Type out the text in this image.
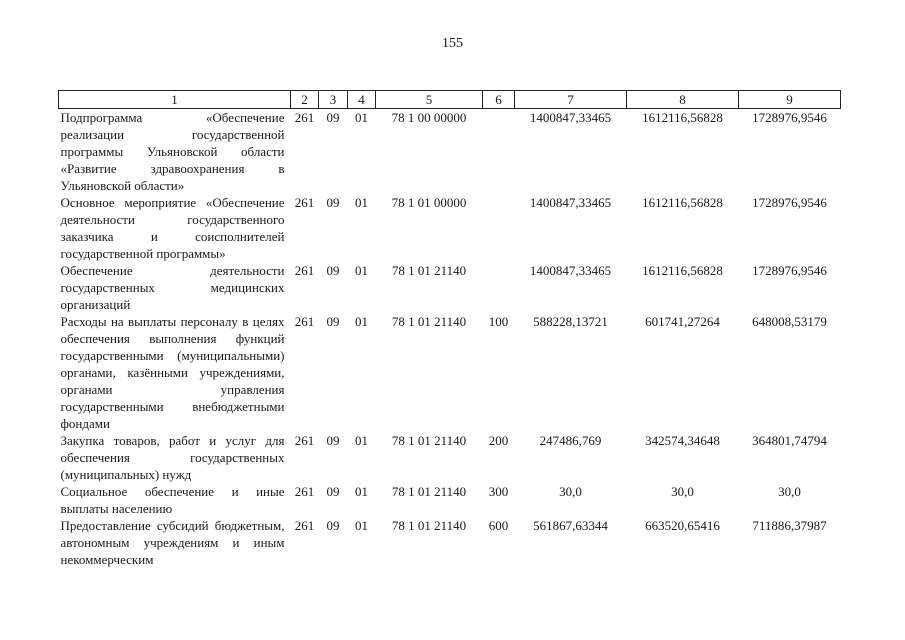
155
1	2	3	4	5	6	7	8	9
Подпрограмма «Обеспечение реализации государственной программы Ульяновской области «Развитие здравоохранения в Ульяновской области»	261	09	01	78 1 00 00000		1400847,33465	1612116,56828	1728976,9546
Основное мероприятие «Обеспечение деятельности государственного заказчика и соисполнителей государственной программы»	261	09	01	78 1 01 00000		1400847,33465	1612116,56828	1728976,9546
Обеспечение деятельности государственных медицинских организаций	261	09	01	78 1 01 21140		1400847,33465	1612116,56828	1728976,9546
Расходы на выплаты персоналу в целях обеспечения выполнения функций государственными (муниципальными) органами, казёнными учреждениями, органами управления государственными внебюджетными фондами	261	09	01	78 1 01 21140	100	588228,13721	601741,27264	648008,53179
Закупка товаров, работ и услуг для обеспечения государственных (муниципальных) нужд	261	09	01	78 1 01 21140	200	247486,769	342574,34648	364801,74794
Социальное обеспечение и иные выплаты населению	261	09	01	78 1 01 21140	300	30,0	30,0	30,0
Предоставление субсидий бюджетным, автономным учреждениям и иным некоммерческим	261	09	01	78 1 01 21140	600	561867,63344	663520,65416	711886,37987
